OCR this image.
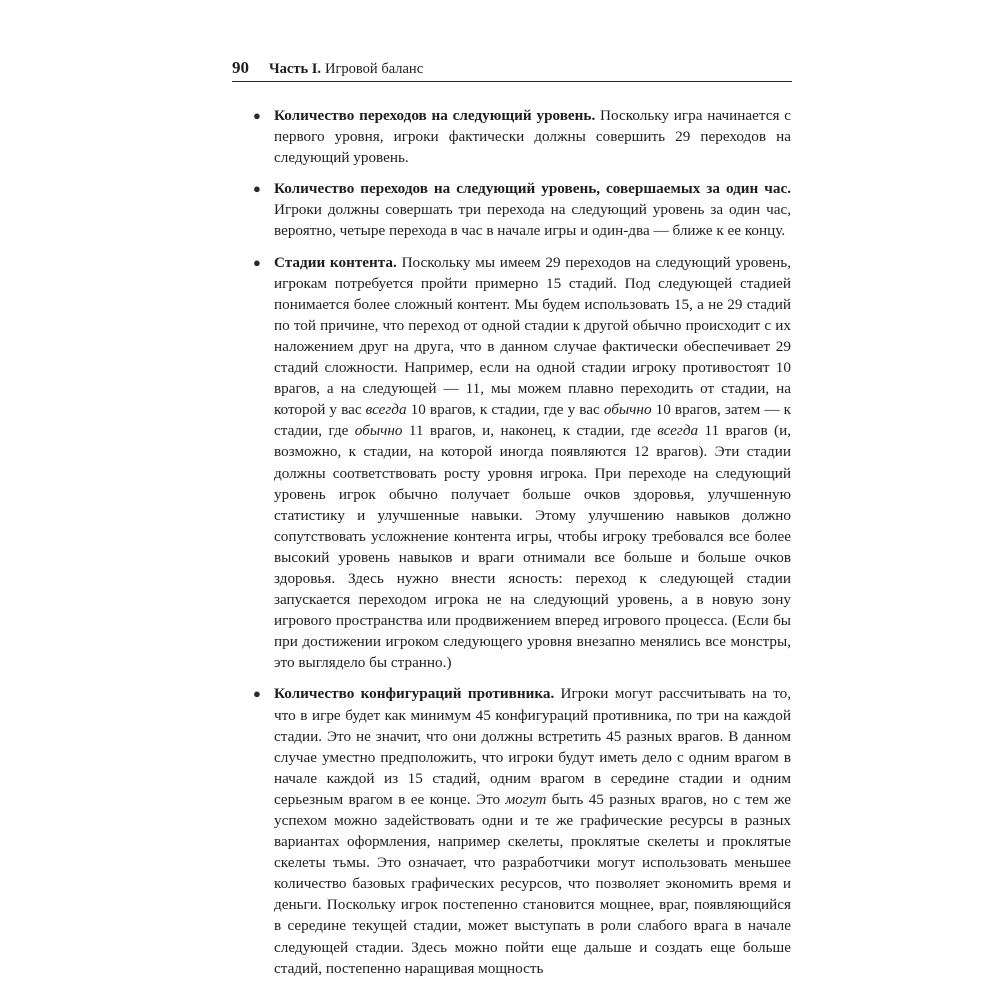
90 Часть I. Игровой баланс
● Количество переходов на следующий уровень. Поскольку игра начинается с первого уровня, игроки фактически должны совершить 29 переходов на следующий уровень.
● Количество переходов на следующий уровень, совершаемых за один час. Игроки должны совершать три перехода на следующий уровень за один час, вероятно, четыре перехода в час в начале игры и один-два — ближе к ее концу.
● Стадии контента. Поскольку мы имеем 29 переходов на следующий уровень, игрокам потребуется пройти примерно 15 стадий. Под следующей стадией понимается более сложный контент. Мы будем использовать 15, а не 29 стадий по той причине, что переход от одной стадии к другой обычно происходит с их наложением друг на друга, что в данном случае фактически обеспечивает 29 стадий сложности. Например, если на одной стадии игроку противостоят 10 врагов, а на следующей — 11, мы можем плавно переходить от стадии, на которой у вас всегда 10 врагов, к стадии, где у вас обычно 10 врагов, затем — к стадии, где обычно 11 врагов, и, наконец, к стадии, где всегда 11 врагов (и, возможно, к стадии, на которой иногда появляются 12 врагов). Эти стадии должны соответствовать росту уровня игрока. При переходе на следующий уровень игрок обычно получает больше очков здоровья, улучшенную статистику и улучшенные навыки. Этому улучшению навыков должно сопутствовать усложнение контента игры, чтобы игроку требовался все более высокий уровень навыков и враги отнимали все больше и больше очков здоровья. Здесь нужно внести ясность: переход к следующей стадии запускается переходом игрока не на следующий уровень, а в новую зону игрового пространства или продвижением вперед игрового процесса. (Если бы при достижении игроком следующего уровня внезапно менялись все монстры, это выглядело бы странно.)
● Количество конфигураций противника. Игроки могут рассчитывать на то, что в игре будет как минимум 45 конфигураций противника, по три на каждой стадии. Это не значит, что они должны встретить 45 разных врагов. В данном случае уместно предположить, что игроки будут иметь дело с одним врагом в начале каждой из 15 стадий, одним врагом в середине стадии и одним серьезным врагом в ее конце. Это могут быть 45 разных врагов, но с тем же успехом можно задействовать одни и те же графические ресурсы в разных вариантах оформления, например скелеты, проклятые скелеты и проклятые скелеты тьмы. Это означает, что разработчики могут использовать меньшее количество базовых графических ресурсов, что позволяет экономить время и деньги. Поскольку игрок постепенно становится мощнее, враг, появляющийся в середине текущей стадии, может выступать в роли слабого врага в начале следующей стадии. Здесь можно пойти еще дальше и создать еще больше стадий, постепенно наращивая мощность
